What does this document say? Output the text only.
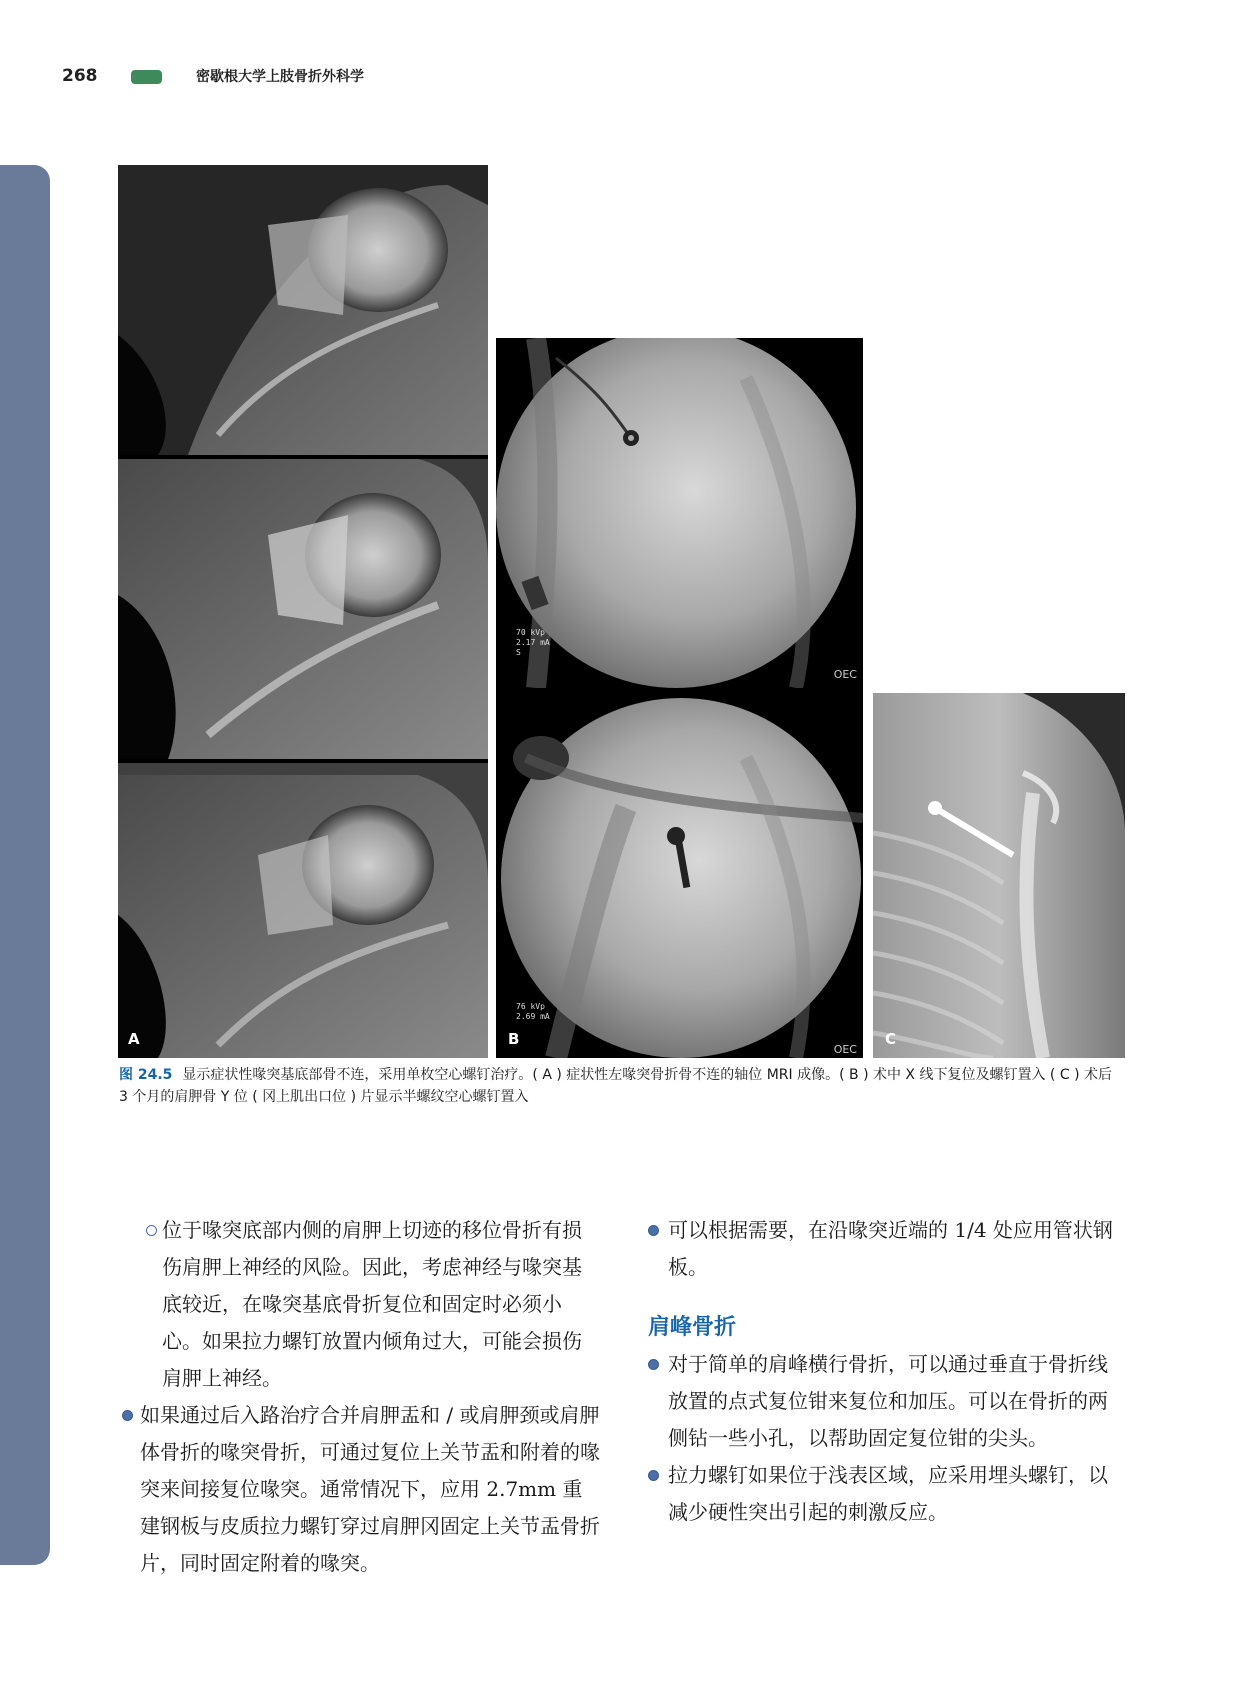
268	密歇根大学上肢骨折外科学
A
70 kVp
2.17 mA
S
76 kVp
2.69 mA
OEC
OEC
B	C
图 24.5 显示症状性喙突基底部骨不连，采用单枚空心螺钉治疗。( A ) 症状性左喙突骨折骨不连的轴位 MRI 成像。( B ) 术中 X 线下复位及螺钉置入 ( C ) 术后 3 个月的肩胛骨 Y 位 ( 冈上肌出口位 ) 片显示半螺纹空心螺钉置入

位于喙突底部内侧的肩胛上切迹的移位骨折有损伤肩胛上神经的风险。因此，考虑神经与喙突基底较近，在喙突基底骨折复位和固定时必须小心。如果拉力螺钉放置内倾角过大，可能会损伤肩胛上神经。

如果通过后入路治疗合并肩胛盂和 / 或肩胛颈或肩胛体骨折的喙突骨折，可通过复位上关节盂和附着的喙突来间接复位喙突。通常情况下，应用 2.7mm 重建钢板与皮质拉力螺钉穿过肩胛冈固定上关节盂骨折片，同时固定附着的喙突。

可以根据需要，在沿喙突近端的 1/4 处应用管状钢板。

肩峰骨折

对于简单的肩峰横行骨折，可以通过垂直于骨折线放置的点式复位钳来复位和加压。可以在骨折的两侧钻一些小孔，以帮助固定复位钳的尖头。

拉力螺钉如果位于浅表区域，应采用埋头螺钉，以减少硬性突出引起的刺激反应。
